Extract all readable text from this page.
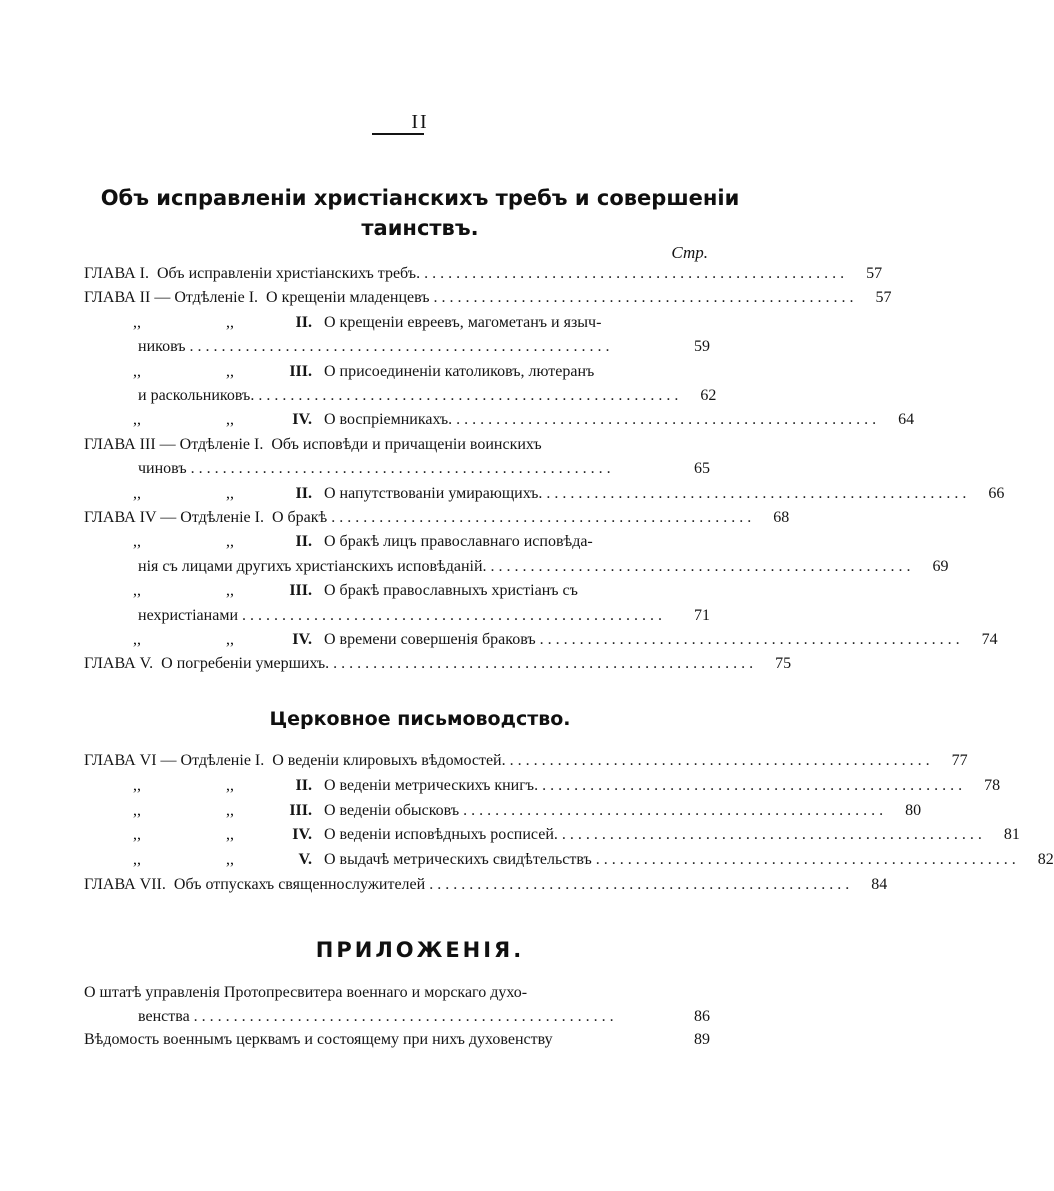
II
Объ исправленіи христіанскихъ требъ и совершеніи
таинствъ.
Стр.
ГЛАВА I. Объ исправленіи христіанскихъ требъ. . . . . . . . . . . . . . . . . . . . . . . . . . . . . . . . . . . . . . . . . . . . . . . . . . . . . .	57
ГЛАВА II — Отдѣленіе I. О крещеніи младенцевъ . . . . . . . . . . . . . . . . . . . . . . . . . . . . . . . . . . . . . . . . . . . . . . . . . . . . .	57
,,	,,	II. О крещеніи евреевъ, магометанъ и языч-
никовъ . . . . . . . . . . . . . . . . . . . . . . . . . . . . . . . . . . . . . . . . . . . . . . . . . . . . .	59
,,	,,	III. О присоединеніи католиковъ, лютеранъ
и раскольниковъ. . . . . . . . . . . . . . . . . . . . . . . . . . . . . . . . . . . . . . . . . . . . . . . . . . . . . .	62
,,	,,	IV. О воспріемникахъ. . . . . . . . . . . . . . . . . . . . . . . . . . . . . . . . . . . . . . . . . . . . . . . . . . . . . .	64
ГЛАВА III — Отдѣленіе I. Объ исповѣди и причащеніи воинскихъ
чиновъ . . . . . . . . . . . . . . . . . . . . . . . . . . . . . . . . . . . . . . . . . . . . . . . . . . . . .	65
,,	,,	II. О напутствованіи умирающихъ. . . . . . . . . . . . . . . . . . . . . . . . . . . . . . . . . . . . . . . . . . . . . . . . . . . . . .	66
ГЛАВА IV — Отдѣленіе I. О бракѣ . . . . . . . . . . . . . . . . . . . . . . . . . . . . . . . . . . . . . . . . . . . . . . . . . . . . .	68
,,	,,	II. О бракѣ лицъ православнаго исповѣда-
нія съ лицами другихъ христіанскихъ исповѣданій. . . . . . . . . . . . . . . . . . . . . . . . . . . . . . . . . . . . . . . . . . . . . . . . . . . . . .	69
,,	,,	III. О бракѣ православныхъ христіанъ съ
нехристіанами . . . . . . . . . . . . . . . . . . . . . . . . . . . . . . . . . . . . . . . . . . . . . . . . . . . . .	71
,,	,,	IV. О времени совершенія браковъ . . . . . . . . . . . . . . . . . . . . . . . . . . . . . . . . . . . . . . . . . . . . . . . . . . . . .	74
ГЛАВА V. О погребеніи умершихъ. . . . . . . . . . . . . . . . . . . . . . . . . . . . . . . . . . . . . . . . . . . . . . . . . . . . . .	75
Церковное письмоводство.
ГЛАВА VI — Отдѣленіе I. О веденіи клировыхъ вѣдомостей. . . . . . . . . . . . . . . . . . . . . . . . . . . . . . . . . . . . . . . . . . . . . . . . . . . . . .	77
,,	,,	II. О веденіи метрическихъ книгъ. . . . . . . . . . . . . . . . . . . . . . . . . . . . . . . . . . . . . . . . . . . . . . . . . . . . . .	78
,,	,,	III. О веденіи обысковъ . . . . . . . . . . . . . . . . . . . . . . . . . . . . . . . . . . . . . . . . . . . . . . . . . . . . .	80
,,	,,	IV. О веденіи исповѣдныхъ росписей. . . . . . . . . . . . . . . . . . . . . . . . . . . . . . . . . . . . . . . . . . . . . . . . . . . . . .	81
,,	,,	V. О выдачѣ метрическихъ свидѣтельствъ . . . . . . . . . . . . . . . . . . . . . . . . . . . . . . . . . . . . . . . . . . . . . . . . . . . . .	82
ГЛАВА VII. Объ отпускахъ священнослужителей . . . . . . . . . . . . . . . . . . . . . . . . . . . . . . . . . . . . . . . . . . . . . . . . . . . . .	84
ПРИЛОЖЕНІЯ.
О штатѣ управленія Протопресвитера военнаго и морскаго духо-
венства . . . . . . . . . . . . . . . . . . . . . . . . . . . . . . . . . . . . . . . . . . . . . . . . . . . . .	86
Вѣдомость военнымъ церквамъ и состоящему при нихъ духовенству	89
